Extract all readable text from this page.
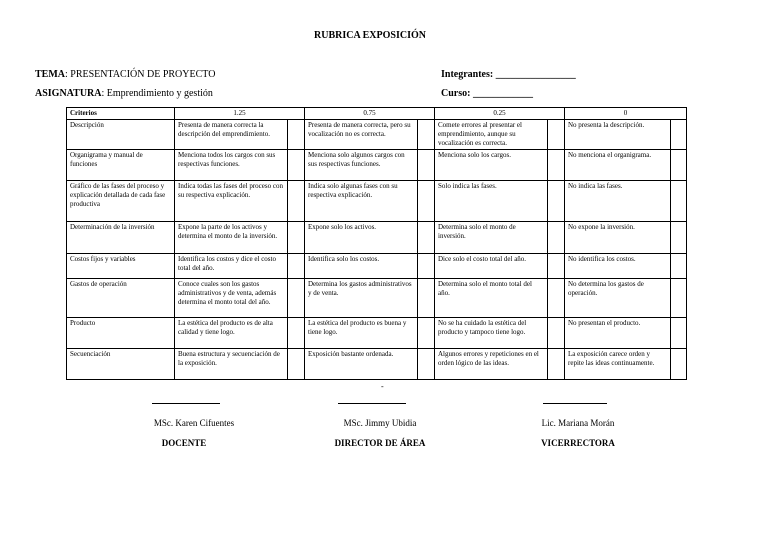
RUBRICA EXPOSICIÓN
TEMA: PRESENTACIÓN DE PROYECTO
ASIGNATURA: Emprendimiento y gestión
Integrantes: ________________
Curso: ____________
Criterios	1.25		0.75		0.25		0	
Descripción	Presenta de manera correcta la descripción del emprendimiento.		Presenta de manera correcta, pero su vocalización no es correcta.		Comete errores al presentar el emprendimiento, aunque su vocalización es correcta.		No presenta la descripción.	
Organigrama y manual de funciones	Menciona todos los cargos con sus respectivas funciones.		Menciona solo algunos cargos con sus respectivas funciones.		Menciona solo los cargos.		No menciona el organigrama.	
Gráfico de las fases del proceso y explicación detallada de cada fase productiva	Indica todas las fases del proceso con su respectiva explicación.		Indica solo algunas fases con su respectiva explicación.		Solo indica las fases.		No indica las fases.	
Determinación de la inversión	Expone la parte de los activos y determina el monto de la inversión.		Expone solo los activos.		Determina solo el monto de inversión.		No expone la inversión.	
Costos fijos y variables	Identifica los costos y dice el costo total del año.		Identifica solo los costos.		Dice solo el costo total del año.		No identifica los costos.	
Gastos de operación	Conoce cuales son los gastos administrativos y de venta, además determina el monto total del año.		Determina los gastos administrativos y de venta.		Determina solo el monto total del año.		No determina los gastos de operación.	
Producto	La estética del producto es de alta calidad y tiene logo.		La estética del producto es buena y tiene logo.		No se ha cuidado la estética del producto y tampoco tiene logo.		No presentan el producto.	
Secuenciación	Buena estructura y secuenciación de la exposición.		Exposición bastante ordenada.		Algunos errores y repeticiones en el orden lógico de las ideas.		La exposición carece orden y repite las ideas continuamente.	
-
MSc. Karen Cifuentes	MSc. Jimmy Ubidia	Lic. Mariana Morán
DOCENTE	DIRECTOR DE ÁREA	VICERRECTORA
